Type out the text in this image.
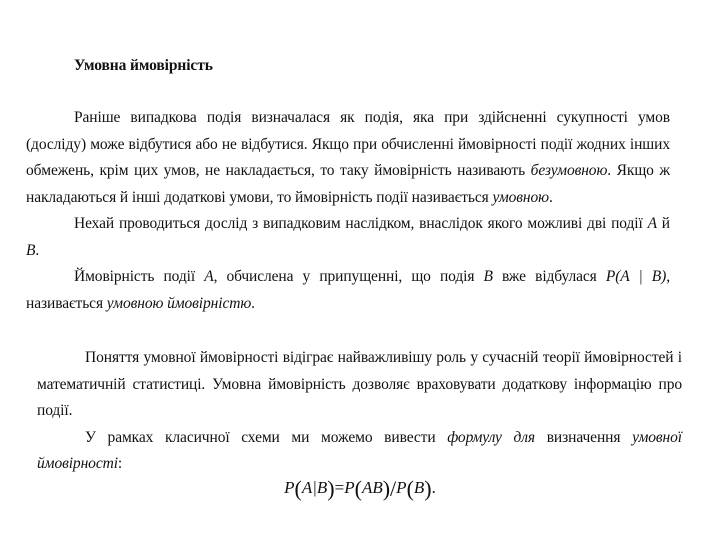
Умовна ймовірність

Раніше випадкова подія визначалася як подія, яка при здійсненні сукупності умов (досліду) може відбутися або не відбутися. Якщо при обчисленні ймовірності події жодних інших обмежень, крім цих умов, не накладається, то таку ймовірність називають безумовною. Якщо ж накладаються й інші додаткові умови, то ймовірність події називається умовною.

Нехай проводиться дослід з випадковим наслідком, внаслідок якого можливі дві події A й B.

Ймовірність події A, обчислена у припущенні, що подія B вже відбулася P(A | B), називається умовною ймовірністю.

Поняття умовної ймовірності відіграє найважливішу роль у сучасній теорії ймовірностей і математичній статистиці. Умовна ймовірність дозволяє враховувати додаткову інформацію про події.

У рамках класичної схеми ми можемо вивести формулу для визначення умовної ймовірності:

P(A|B)=P(AB)/P(B).
